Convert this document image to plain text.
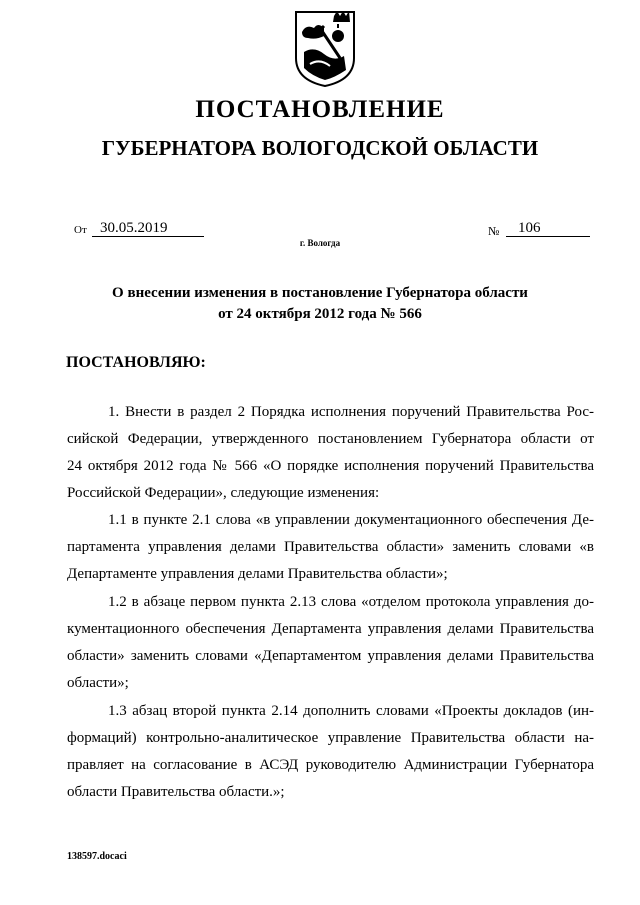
ПОСТАНОВЛЕНИЕ
ГУБЕРНАТОРА ВОЛОГОДСКОЙ ОБЛАСТИ
От 30.05.2019	№	106
г. Вологда
О внесении изменения в постановление Губернатора области
от 24 октября 2012 года № 566
ПОСТАНОВЛЯЮ:
1. Внести в раздел 2 Порядка исполнения поручений Правительства Рос-
сийской Федерации, утвержденного постановлением Губернатора области от
24 октября 2012 года № 566 «О порядке исполнения поручений Правительства
Российской Федерации», следующие изменения:
1.1 в пункте 2.1 слова «в управлении документационного обеспечения Де-
партамента управления делами Правительства области» заменить словами «в
Департаменте управления делами Правительства области»;
1.2 в абзаце первом пункта 2.13 слова «отделом протокола управления до-
кументационного обеспечения Департамента управления делами Правительства
области» заменить словами «Департаментом управления делами Правительства
области»;
1.3 абзац второй пункта 2.14 дополнить словами «Проекты докладов (ин-
формаций) контрольно-аналитическое управление Правительства области на-
правляет на согласование в АСЭД руководителю Администрации Губернатора
области Правительства области.»;
138597.docaci
